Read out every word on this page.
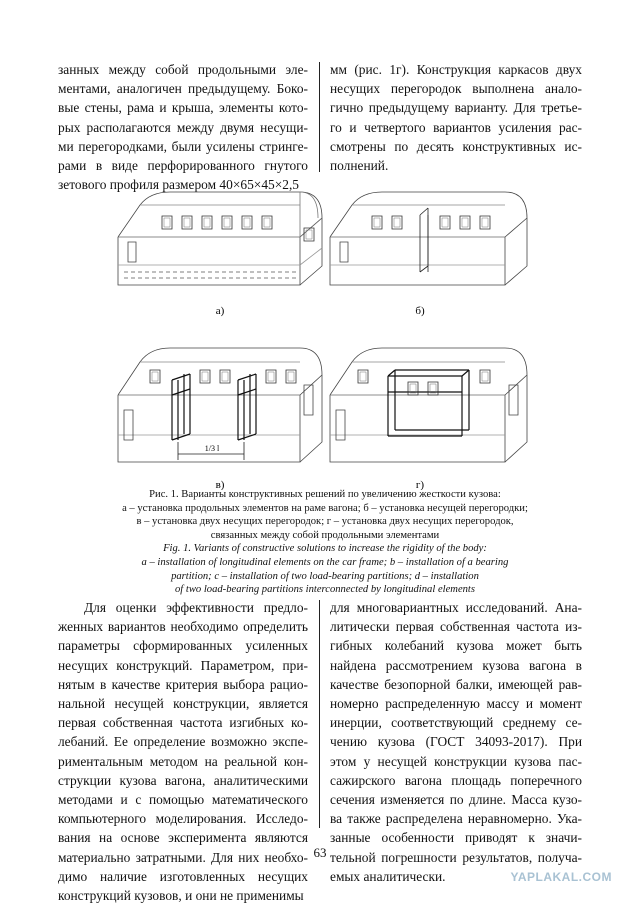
занных между собой продольными эле-

ментами, аналогичен предыдущему. Боко-

вые стены, рама и крыша, элементы кото-

рых располагаются между двумя несущи-

ми перегородками, были усилены стринге-

рами в виде перфорированного гнутого

зетового профиля размером 40×65×45×2,5

мм (рис. 1г). Конструкция каркасов двух

несущих перегородок выполнена анало-

гично предыдущему варианту. Для третье-

го и четвертого вариантов усиления рас-

смотрены по десять конструктивных ис-

полнений.

а)	б)
1/3 l
в)	г)
Рис. 1. Варианты конструктивных решений по увеличению жесткости кузова:
а – установка продольных элементов на раме вагона; б – установка несущей перегородки;
в – установка двух несущих перегородок; г – установка двух несущих перегородок,
связанных между собой продольными элементами
Fig. 1. Variants of constructive solutions to increase the rigidity of the body:
a – installation of longitudinal elements on the car frame; b – installation of a bearing
partition; c – installation of two load-bearing partitions; d – installation
of two load-bearing partitions interconnected by longitudinal elements

Для оценки эффективности предло-

женных вариантов необходимо определить

параметры сформированных усиленных

несущих конструкций. Параметром, при-

нятым в качестве критерия выбора рацио-

нальной несущей конструкции, является

первая собственная частота изгибных ко-

лебаний. Ее определение возможно экспе-

риментальным методом на реальной кон-

струкции кузова вагона, аналитическими

методами и с помощью математического

компьютерного моделирования. Исследо-

вания на основе эксперимента являются

материально затратными. Для них необхо-

димо наличие изготовленных несущих

конструкций кузовов, и они не применимы

для многовариантных исследований. Ана-

литически первая собственная частота из-

гибных колебаний кузова может быть

найдена рассмотрением кузова вагона в

качестве безопорной балки, имеющей рав-

номерно распределенную массу и момент

инерции, соответствующий среднему се-

чению кузова (ГОСТ 34093-2017). При

этом у несущей конструкции кузова пас-

сажирского вагона площадь поперечного

сечения изменяется по длине. Масса кузо-

ва также распределена неравномерно. Ука-

занные особенности приводят к значи-

тельной погрешности результатов, получа-

емых аналитически.

63
YAPLAKAL.COM
